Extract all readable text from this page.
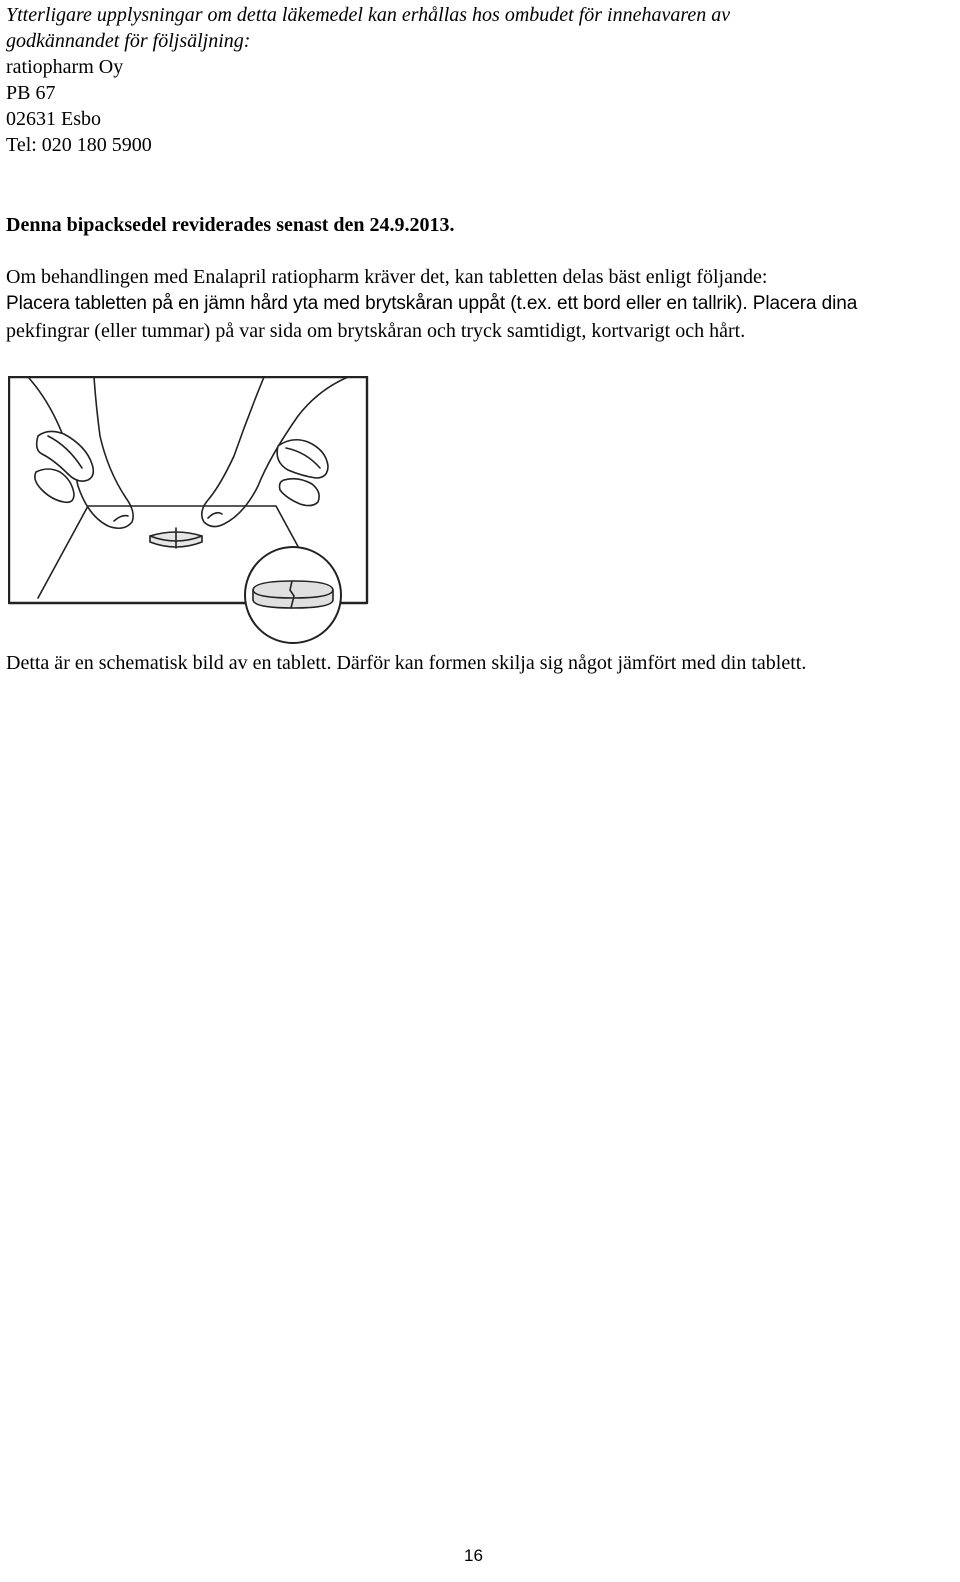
Ytterligare upplysningar om detta läkemedel kan erhållas hos ombudet för innehavaren av
godkännandet för följsäljning:
ratiopharm Oy
PB 67
02631 Esbo
Tel: 020 180 5900
Denna bipacksedel reviderades senast den 24.9.2013.
Om behandlingen med Enalapril ratiopharm kräver det, kan tabletten delas bäst enligt följande:
Placera tabletten på en jämn hård yta med brytskåran uppåt (t.ex. ett bord eller en tallrik). Placera dina
pekfingrar (eller tummar) på var sida om brytskåran och tryck samtidigt, kortvarigt och hårt.
Detta är en schematisk bild av en tablett. Därför kan formen skilja sig något jämfört med din tablett.
16
